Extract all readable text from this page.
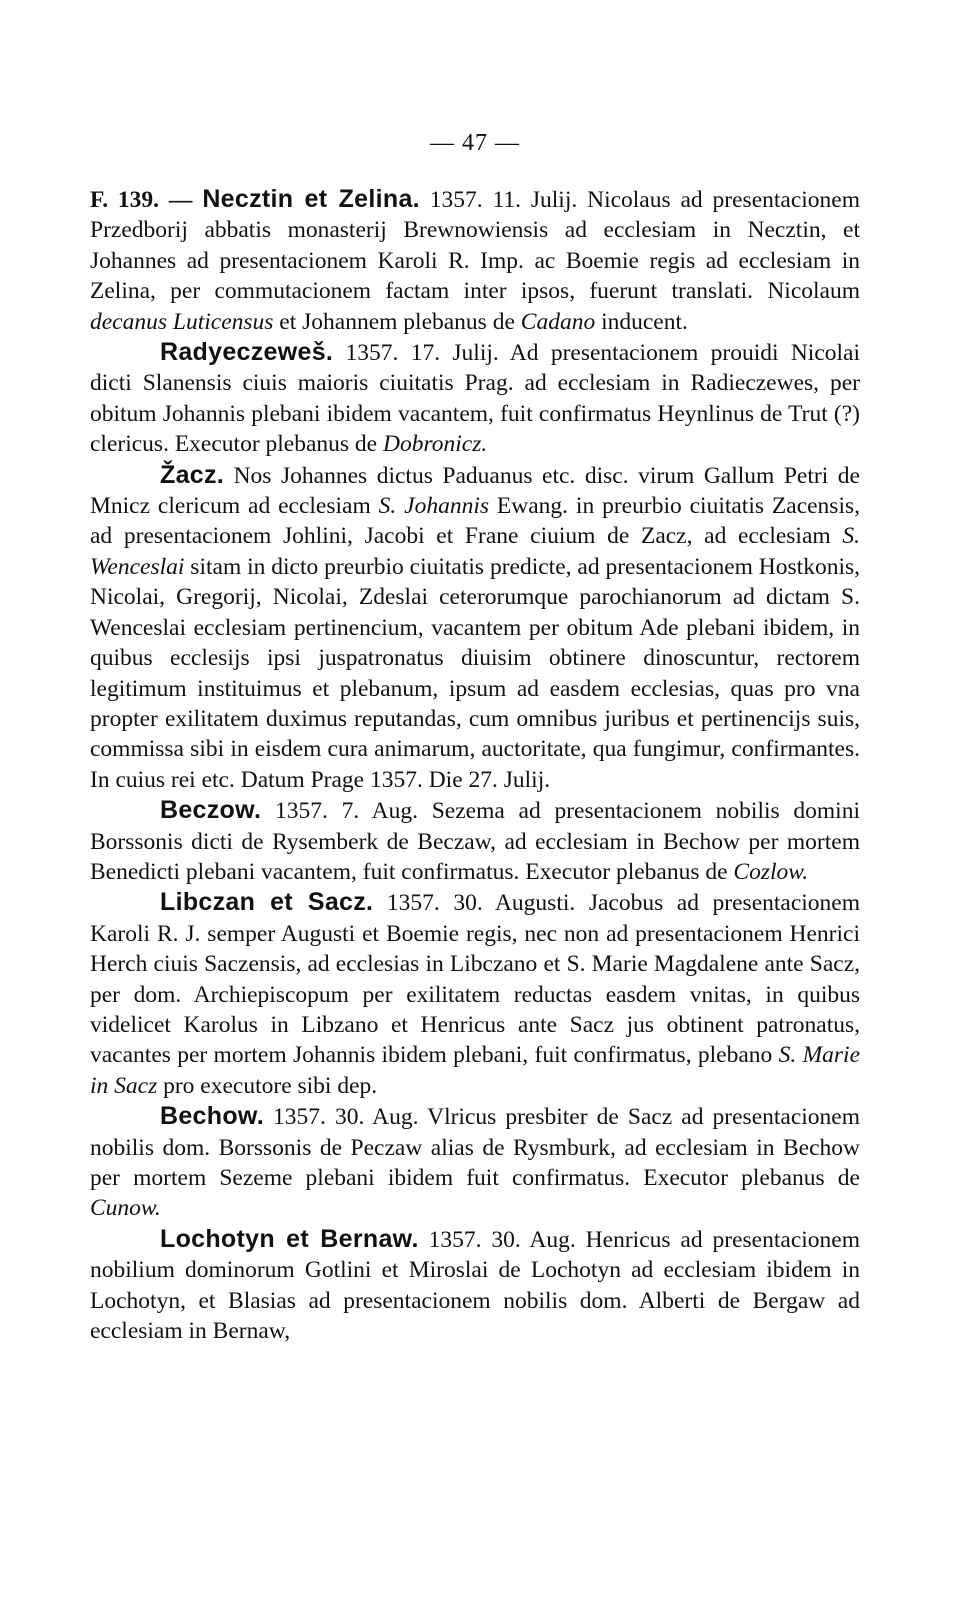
— 47 —

F. 139. — Necztin et Zelina. 1357. 11. Julij. Nicolaus ad presentacionem Przedborij abbatis monasterij Brewnowiensis ad ecclesiam in Necztin, et Johannes ad presentacionem Karoli R. Imp. ac Boemie regis ad ecclesiam in Zelina, per commutacionem factam inter ipsos, fuerunt translati. Nicolaum decanus Luticensus et Johannem plebanus de Cadano inducent.

Radyeczeweš. 1357. 17. Julij. Ad presentacionem prouidi Nicolai dicti Slanensis ciuis maioris ciuitatis Prag. ad ecclesiam in Radieczewes, per obitum Johannis plebani ibidem vacantem, fuit confirmatus Heynlinus de Trut (?) clericus. Executor plebanus de Dobronicz.

Žacz. Nos Johannes dictus Paduanus etc. disc. virum Gallum Petri de Mnicz clericum ad ecclesiam S. Johannis Ewang. in preurbio ciuitatis Zacensis, ad presentacionem Johlini, Jacobi et Frane ciuium de Zacz, ad ecclesiam S. Wenceslai sitam in dicto preurbio ciuitatis predicte, ad presentacionem Hostkonis, Nicolai, Gregorij, Nicolai, Zdeslai ceterorumque parochianorum ad dictam S. Wenceslai ecclesiam pertinencium, vacantem per obitum Ade plebani ibidem, in quibus ecclesijs ipsi juspatronatus diuisim obtinere dinoscuntur, rectorem legitimum instituimus et plebanum, ipsum ad easdem ecclesias, quas pro vna propter exilitatem duximus reputandas, cum omnibus juribus et pertinencijs suis, commissa sibi in eisdem cura animarum, auctoritate, qua fungimur, confirmantes. In cuius rei etc. Datum Prage 1357. Die 27. Julij.

Beczow. 1357. 7. Aug. Sezema ad presentacionem nobilis domini Borssonis dicti de Rysemberk de Beczaw, ad ecclesiam in Bechow per mortem Benedicti plebani vacantem, fuit confirmatus. Executor plebanus de Cozlow.

Libczan et Sacz. 1357. 30. Augusti. Jacobus ad presentacionem Karoli R. J. semper Augusti et Boemie regis, nec non ad presentacionem Henrici Herch ciuis Saczensis, ad ecclesias in Libczano et S. Marie Magdalene ante Sacz, per dom. Archiepiscopum per exilitatem reductas easdem vnitas, in quibus videlicet Karolus in Libzano et Henricus ante Sacz jus obtinent patronatus, vacantes per mortem Johannis ibidem plebani, fuit confirmatus, plebano S. Marie in Sacz pro executore sibi dep.

Bechow. 1357. 30. Aug. Vlricus presbiter de Sacz ad presentacionem nobilis dom. Borssonis de Peczaw alias de Rysmburk, ad ecclesiam in Bechow per mortem Sezeme plebani ibidem fuit confirmatus. Executor plebanus de Cunow.

Lochotyn et Bernaw. 1357. 30. Aug. Henricus ad presentacionem nobilium dominorum Gotlini et Miroslai de Lochotyn ad ecclesiam ibidem in Lochotyn, et Blasias ad presentacionem nobilis dom. Alberti de Bergaw ad ecclesiam in Bernaw,
